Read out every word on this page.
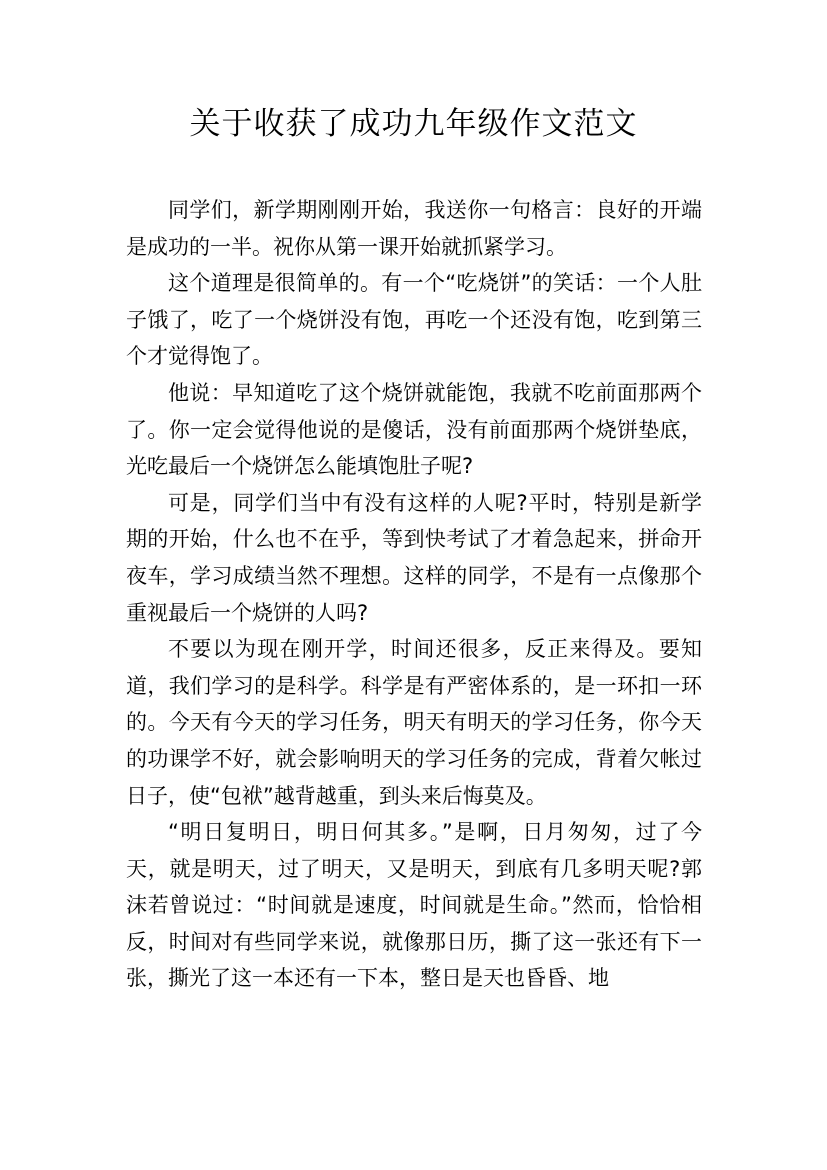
关于收获了成功九年级作文范文

同学们，新学期刚刚开始，我送你一句格言：良好的开端是成功的一半。祝你从第一课开始就抓紧学习。

这个道理是很简单的。有一个“吃烧饼”的笑话：一个人肚子饿了，吃了一个烧饼没有饱，再吃一个还没有饱，吃到第三个才觉得饱了。

他说：早知道吃了这个烧饼就能饱，我就不吃前面那两个了。你一定会觉得他说的是傻话，没有前面那两个烧饼垫底，光吃最后一个烧饼怎么能填饱肚子呢?

可是，同学们当中有没有这样的人呢?平时，特别是新学期的开始，什么也不在乎，等到快考试了才着急起来，拼命开夜车，学习成绩当然不理想。这样的同学，不是有一点像那个重视最后一个烧饼的人吗?

不要以为现在刚开学，时间还很多，反正来得及。要知道，我们学习的是科学。科学是有严密体系的，是一环扣一环的。今天有今天的学习任务，明天有明天的学习任务，你今天的功课学不好，就会影响明天的学习任务的完成，背着欠帐过日子，使“包袱”越背越重，到头来后悔莫及。

“明日复明日，明日何其多。”是啊，日月匆匆，过了今天，就是明天，过了明天，又是明天，到底有几多明天呢?郭沫若曾说过：“时间就是速度，时间就是生命。”然而，恰恰相反，时间对有些同学来说，就像那日历，撕了这一张还有下一张，撕光了这一本还有一下本，整日是天也昏昏、地
